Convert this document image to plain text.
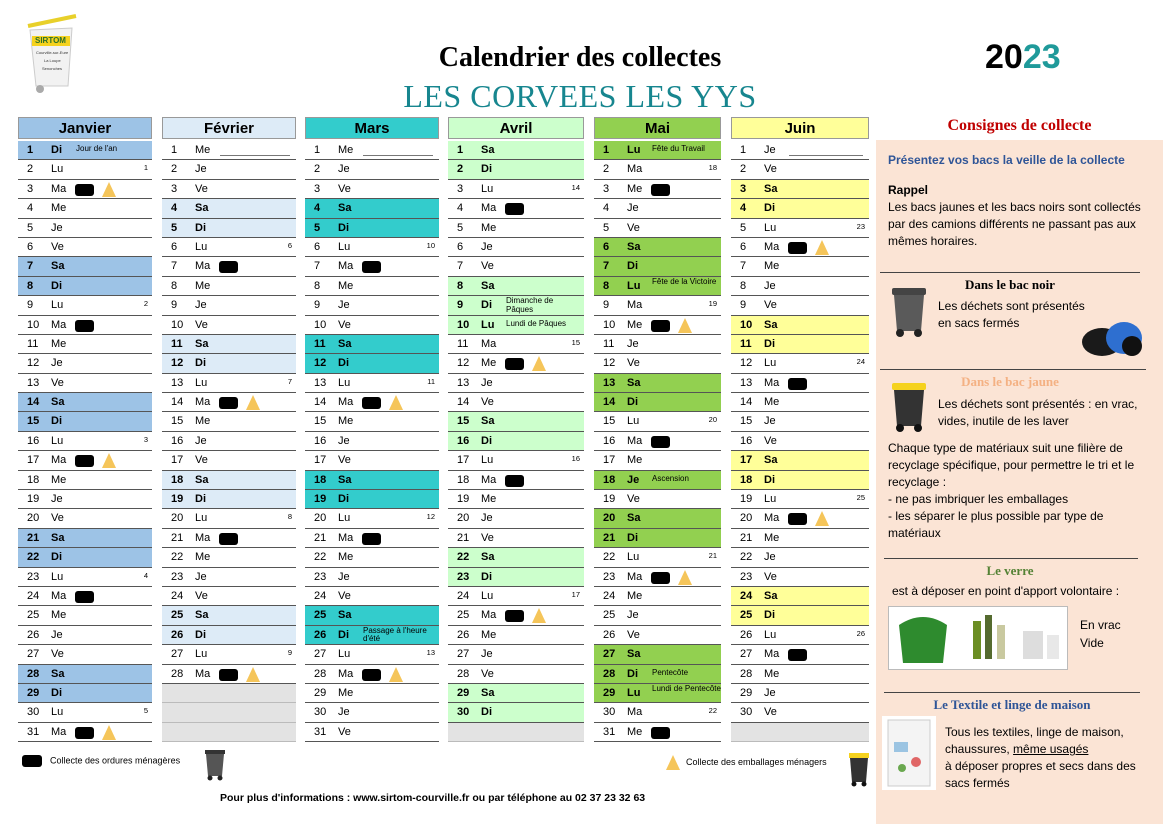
SIRTOM
Courville-sur-Eure
La Loupe
Senonches	Calendrier des collectes
LES CORVEES LES YYS
2023
Janvier
1	Di Jour de l'an
2	Lu	1
3	Ma
4	Me
5	Je
6	Ve
7	Sa
8	Di
9	Lu	2
10	Ma
11	Me
12	Je
13	Ve
14	Sa
15	Di
16	Lu	3
17	Ma
18	Me
19	Je
20	Ve
21	Sa
22	Di
23	Lu	4
24	Ma
25	Me
26	Je
27	Ve
28	Sa
29	Di
30	Lu	5
31	Ma
Février
1	Me
2	Je
3	Ve
4	Sa
5	Di
6	Lu	6
7	Ma
8	Me
9	Je
10	Ve
11	Sa
12	Di
13	Lu	7
14	Ma
15	Me
16	Je
17	Ve
18	Sa
19	Di
20	Lu	8
21	Ma
22	Me
23	Je
24	Ve
25	Sa
26	Di
27	Lu	9
28	Ma
Mars
1	Me
2	Je
3	Ve
4	Sa
5	Di
6	Lu	10
7	Ma
8	Me
9	Je
10	Ve
11	Sa
12	Di
13	Lu	11
14	Ma
15	Me
16	Je
17	Ve
18	Sa
19	Di
20	Lu	12
21	Ma
22	Me
23	Je
24	Ve
25	Sa
26	Di Passage à l'heure d'été
27	Lu	13
28	Ma
29	Me
30	Je
31	Ve
Avril
1	Sa
2	Di
3	Lu	14
4	Ma
5	Me
6	Je
7	Ve
8	Sa
9	Di Dimanche de Pâques
10	Lu Lundi de Pâques
11	Ma	15
12	Me
13	Je
14	Ve
15	Sa
16	Di
17	Lu	16
18	Ma
19	Me
20	Je
21	Ve
22	Sa
23	Di
24	Lu	17
25	Ma
26	Me
27	Je
28	Ve
29	Sa
30	Di
Mai
1	Lu Fête du Travail
2	Ma	18
3	Me
4	Je
5	Ve
6	Sa
7	Di
8	Lu Fête de la Victoire
9	Ma	19
10	Me
11	Je
12	Ve
13	Sa
14	Di
15	Lu	20
16	Ma
17	Me
18	Je Ascension
19	Ve
20	Sa
21	Di
22	Lu	21
23	Ma
24	Me
25	Je
26	Ve
27	Sa
28	Di Pentecôte
29	Lu Lundi de Pentecôte
30	Ma	22
31	Me
Juin
1	Je
2	Ve
3	Sa
4	Di
5	Lu	23
6	Ma
7	Me
8	Je
9	Ve
10	Sa
11	Di
12	Lu	24
13	Ma
14	Me
15	Je
16	Ve
17	Sa
18	Di
19	Lu	25
20	Ma
21	Me
22	Je
23	Ve
24	Sa
25	Di
26	Lu	26
27	Ma
28	Me
29	Je
30	Ve
Collecte des ordures ménagères	Collecte des emballages ménagers
Pour plus d'informations : www.sirtom-courville.fr ou par téléphone au 02 37 23 32 63
Consignes de collecte
Présentez vos bacs la veille de la collecte
Rappel
Les bacs jaunes et les bacs noirs sont collectés par des camions différents ne passant pas aux mêmes horaires.
Dans le bac noir
Les déchets sont présentés en sacs fermés
Dans le bac jaune
Les déchets sont présentés : en vrac, vides, inutile de les laver
Chaque type de matériaux suit une filière de recyclage spécifique, pour permettre le tri et le recyclage :
- ne pas imbriquer les emballages
- les séparer le plus possible par type de matériaux
Le verre
est à déposer en point d'apport volontaire :
En vrac
Vide
Le Textile et linge de maison
Tous les textiles, linge de maison, chaussures, même usagés
à déposer propres et secs dans des sacs fermés
